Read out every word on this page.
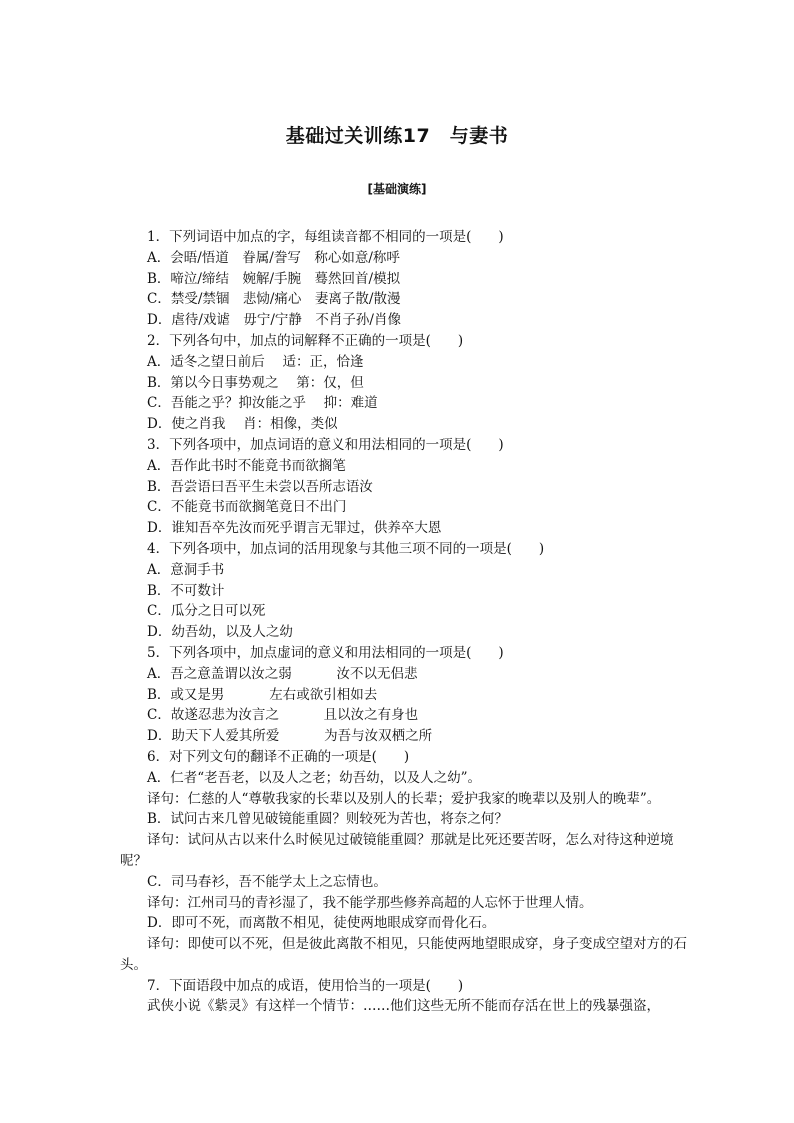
基础过关训练17　与妻书
[基础演练]
1．下列词语中加点的字，每组读音都不相同的一项是(　　)
A．会晤/悟道　眷属/誊写　称心如意/称呼
B．啼泣/缔结　婉解/手腕　蓦然回首/模拟
C．禁受/禁锢　悲恸/痛心　妻离子散/散漫
D．虐待/戏谑　毋宁/宁静　不肖子孙/肖像
2．下列各句中，加点的词解释不正确的一项是(　　)
A．适冬之望日前后　 适：正，恰逢
B．第以今日事势观之　 第：仅，但
C．吾能之乎？抑汝能之乎　 抑：难道
D．使之肖我　 肖：相像，类似
3．下列各项中，加点词语的意义和用法相同的一项是(　　)
A．吾作此书时不能竟书而欲搁笔
B．吾尝语曰吾平生未尝以吾所志语汝
C．不能竟书而欲搁笔竟日不出门
D．谁知吾卒先汝而死乎谓言无罪过，供养卒大恩
4．下列各项中，加点词的活用现象与其他三项不同的一项是(　　)
A．意洞手书
B．不可数计
C．瓜分之日可以死
D．幼吾幼，以及人之幼
5．下列各项中，加点虚词的意义和用法相同的一项是(　　)
A．吾之意盖谓以汝之弱　　　 汝不以无侣悲
B．或又是男　　　 左右或欲引相如去
C．故遂忍悲为汝言之　　　 且以汝之有身也
D．助天下人爱其所爱　　　 为吾与汝双栖之所
6．对下列文句的翻译不正确的一项是(　　)
A．仁者“老吾老，以及人之老；幼吾幼，以及人之幼”。
译句：仁慈的人“尊敬我家的长辈以及别人的长辈；爱护我家的晚辈以及别人的晚辈”。
B．试问古来几曾见破镜能重圆？则较死为苦也，将奈之何？
译句：试问从古以来什么时候见过破镜能重圆？那就是比死还要苦呀，怎么对待这种逆境呢？
C．司马春衫，吾不能学太上之忘情也。
译句：江州司马的青衫湿了，我不能学那些修养高超的人忘怀于世理人情。
D．即可不死，而离散不相见，徒使两地眼成穿而骨化石。
译句：即使可以不死，但是彼此离散不相见，只能使两地望眼成穿，身子变成空望对方的石头。
7．下面语段中加点的成语，使用恰当的一项是(　　)
武侠小说《紫灵》有这样一个情节：……他们这些无所不能而存活在世上的残暴强盗，
